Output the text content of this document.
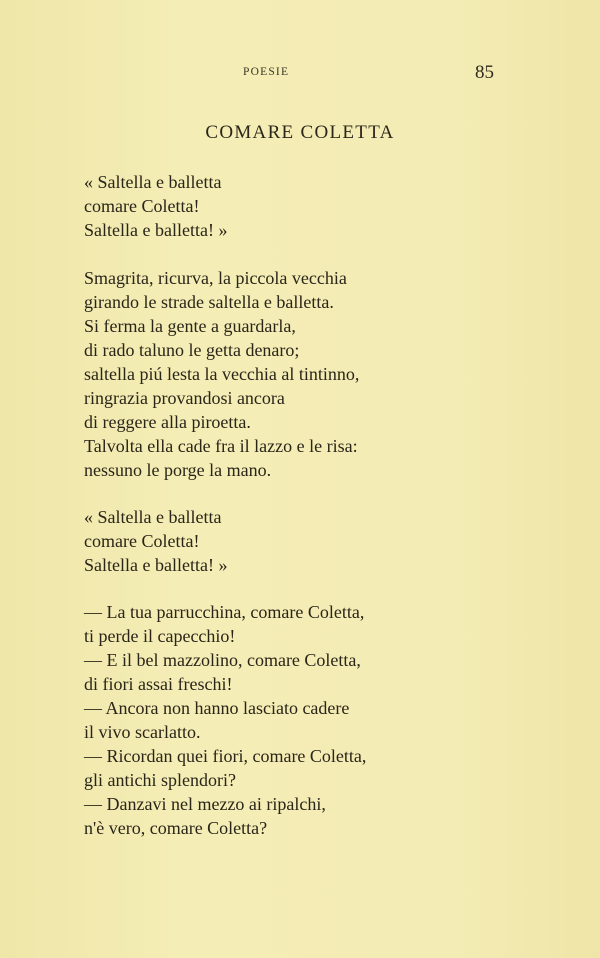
POESIE	85
COMARE COLETTA
« Saltella e balletta
comare Coletta!
Saltella e balletta! »
Smagrita, ricurva, la piccola vecchia
girando le strade saltella e balletta.
Si ferma la gente a guardarla,
di rado taluno le getta denaro;
saltella piú lesta la vecchia al tintinno,
ringrazia provandosi ancora
di reggere alla piroetta.
Talvolta ella cade fra il lazzo e le risa:
nessuno le porge la mano.
« Saltella e balletta
comare Coletta!
Saltella e balletta! »
— La tua parrucchina, comare Coletta,
ti perde il capecchio!
— E il bel mazzolino, comare Coletta,
di fiori assai freschi!
— Ancora non hanno lasciato cadere
il vivo scarlatto.
— Ricordan quei fiori, comare Coletta,
gli antichi splendori?
— Danzavi nel mezzo ai ripalchi,
n'è vero, comare Coletta?
